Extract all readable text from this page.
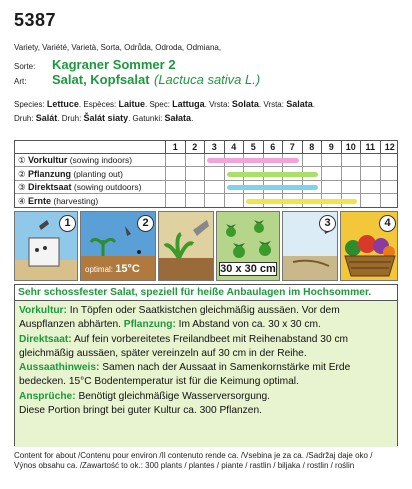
5387
Variety, Variété, Varietà, Sorta, Odrůda, Odroda, Odmiana,
Sorte: Kagraner Sommer 2
Art: Salat, Kopfsalat (Lactuca sativa L.)
Species: Lettuce. Espèces: Laitue. Spec: Lattuga. Vrsta: Solata. Vrsta: Salata.
Druh: Salát. Druh: Šalát siaty. Gatunki: Sałata.
1	2	3	4	5	6	7	8	9	10	11	12
① Vorkultur (sowing indoors)
② Pflanzung (planting out)
③ Direktsaat (sowing outdoors)
④ Ernte (harvesting)
1
optimal: 15°C
2
30 x 30 cm
3	4
Sehr schossfester Salat, speziell für heiße Anbaulagen im Hochsommer.
Vorkultur: In Töpfen oder Saatkistchen gleichmäßig aussäen. Vor dem Auspflanzen abhärten. Pflanzung: Im Abstand von ca. 30 x 30 cm.
Direktsaat: Auf fein vorbereitetes Freilandbeet mit Reihenabstand 30 cm gleichmäßig aussäen, später vereinzeln auf 30 cm in der Reihe.
Aussaathinweis: Samen nach der Aussaat in Samenkornstärke mit Erde bedecken. 15°C Bodentemperatur ist für die Keimung optimal.
Ansprüche: Benötigt gleichmäßige Wasserversorgung.
Diese Portion bringt bei guter Kultur ca. 300 Pflanzen.
Content for about /Contenu pour environ /Il contenuto rende ca. /Vsebina je za ca. /Sadržaj daje oko /
Výnos obsahu ca. /Zawartość to ok.: 300 plants / plantes / piante / rastlin / biljaka / rostlin / roślin
